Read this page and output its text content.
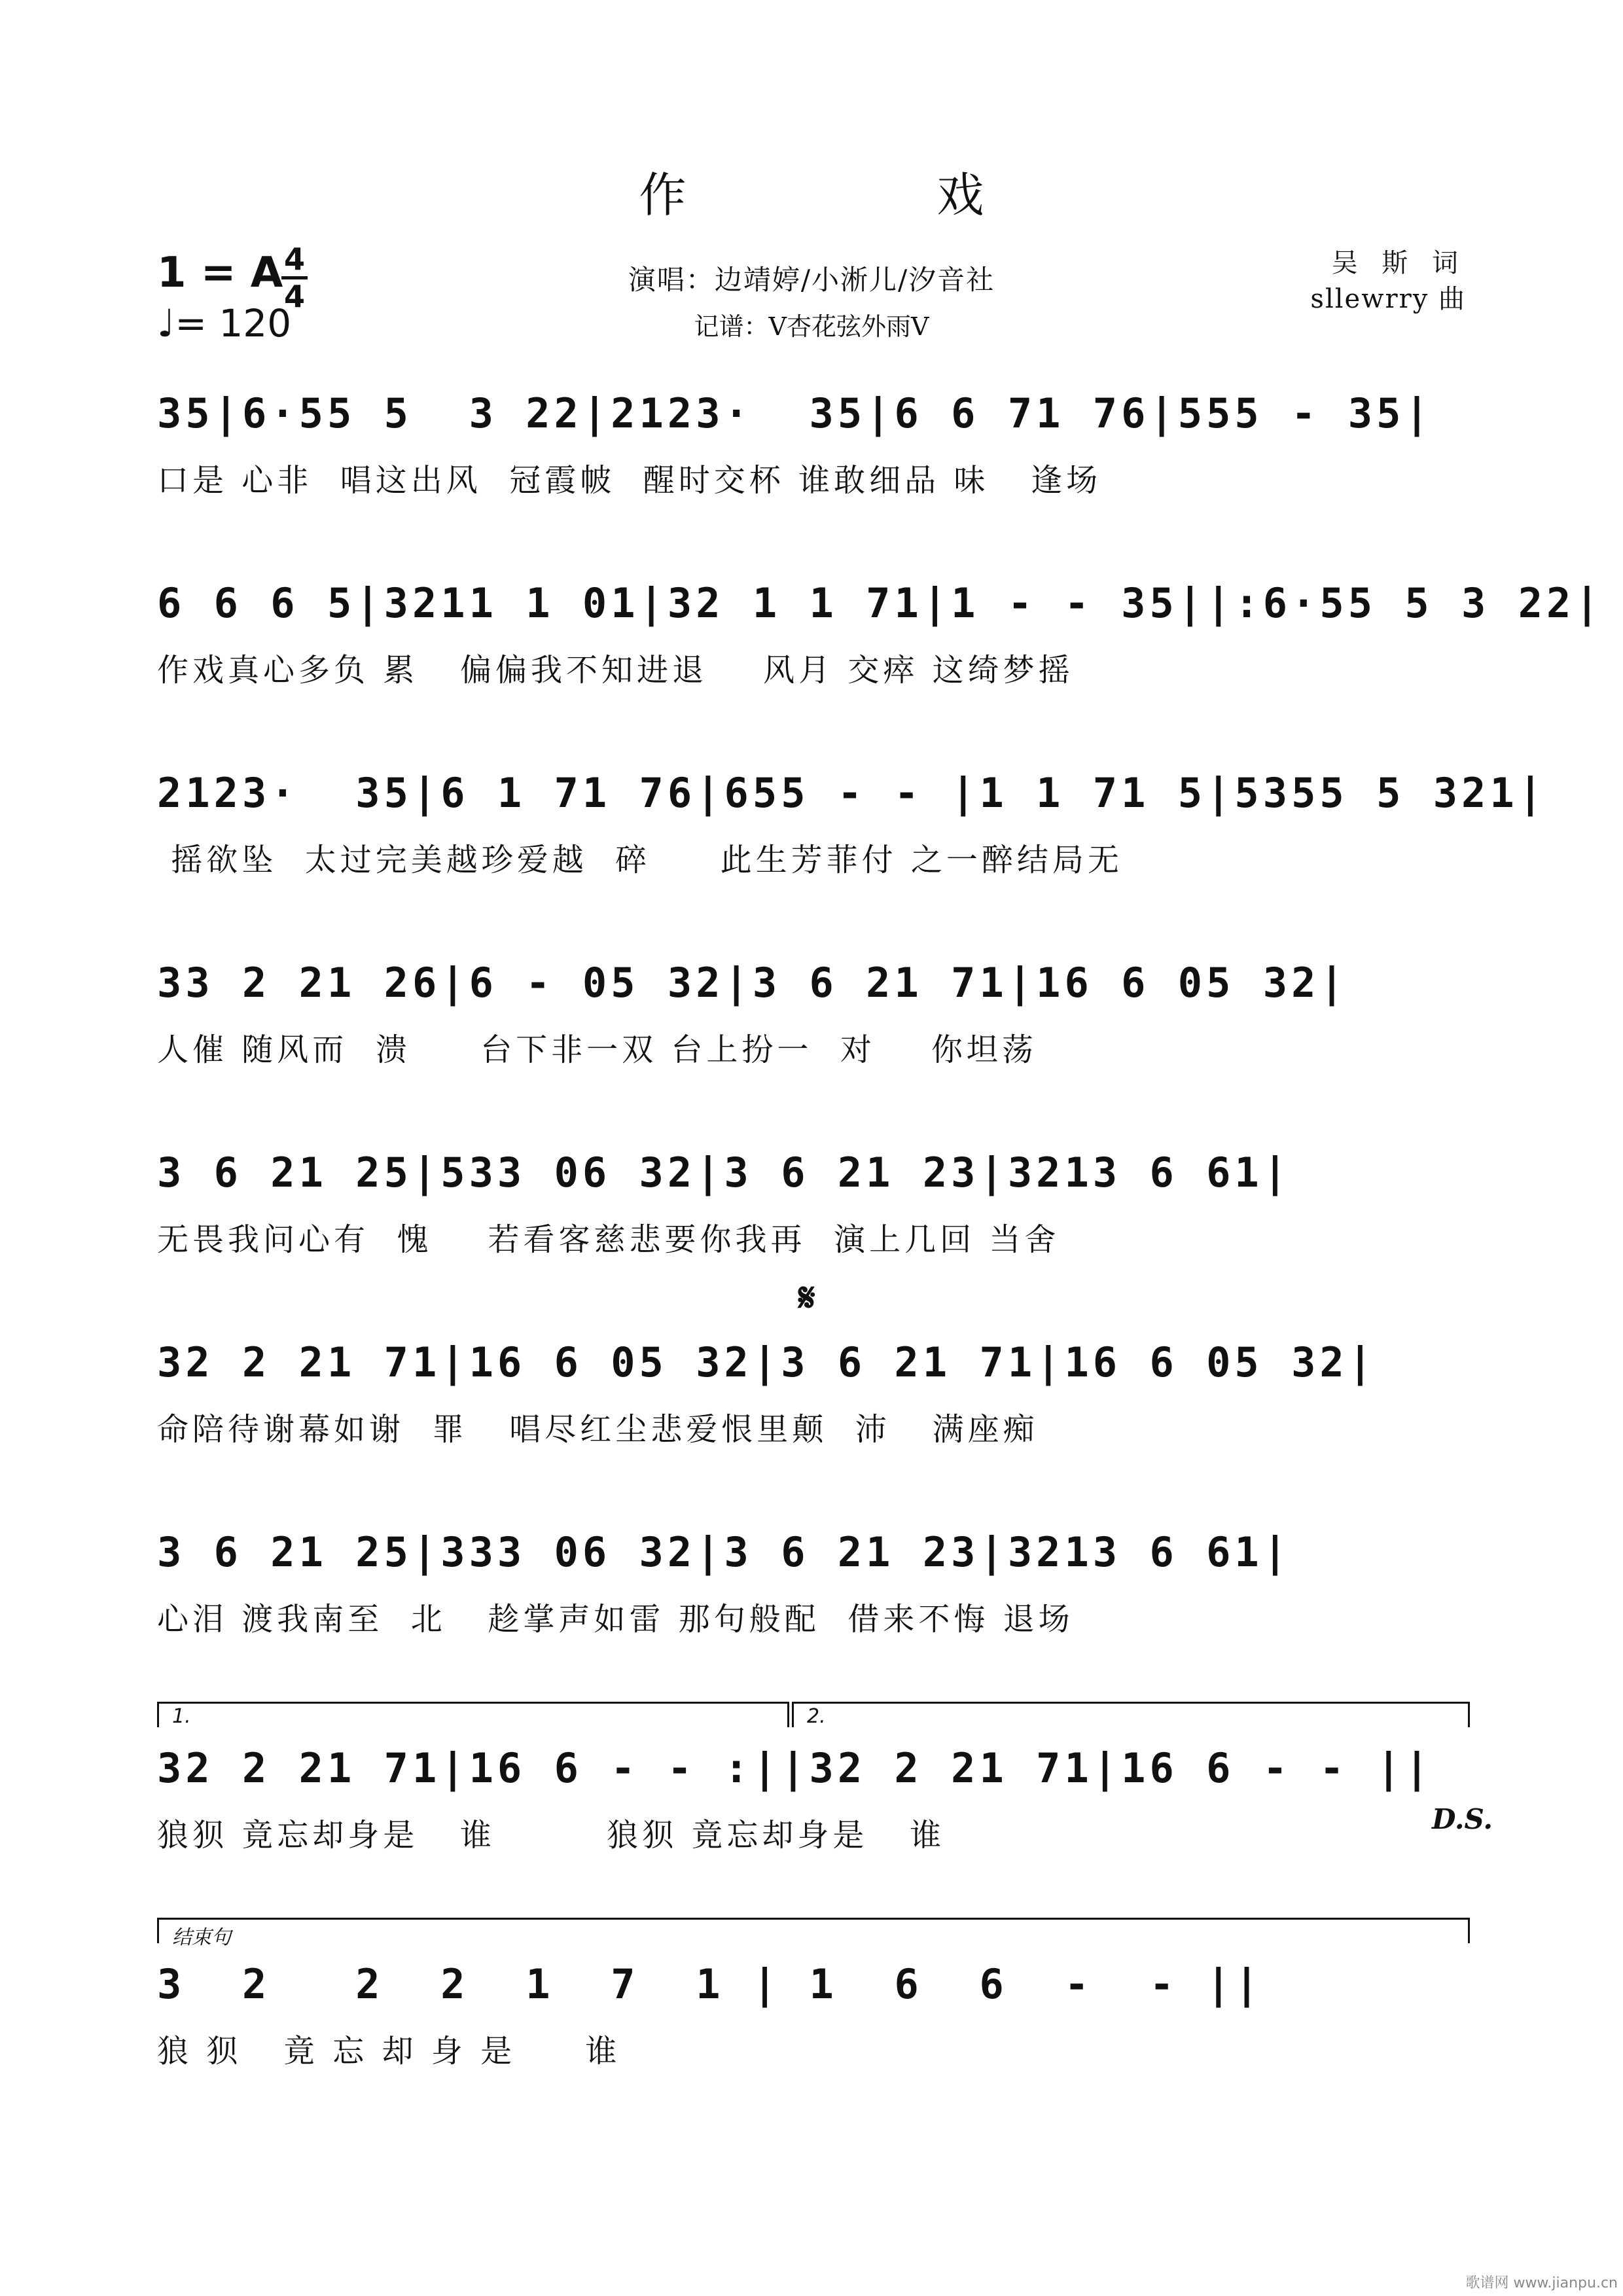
作 戏
1 = A 4
4
♩= 120
演唱：边靖婷/小淅儿/汐音社
记谱：V杏花弦外雨V
吴 斯 词
sllewrry 曲
35|6·55 5  3 22|2123·  35|6 6 71 76|555 - 35|
口是 心非  唱这出风  冠霞帔  醒时交杯 谁敢细品 味   逢场
6 6 6 5|3211 1 01|32 1 1 71|1 - - 35||:6·55 5 3 22|
作戏真心多负 累   偏偏我不知进退    风月 交瘁 这绮梦摇
2123·  35|6 1 71 76|655 - - |1 1 71 5|5355 5 321|
摇欲坠  太过完美越珍爱越  碎     此生芳菲付 之一醉结局无
33 2 21 26|6 - 05 32|3 6 21 71|16 6 05 32|
人催 随风而  溃     台下非一双 台上扮一  对    你坦荡
3 6 21 25|533 06 32|3 6 21 23|3213 6 61|
无畏我问心有  愧    若看客慈悲要你我再  演上几回 当舍
𝄋
32 2 21 71|16 6 05 32|3 6 21 71|16 6 05 32|
命陪待谢幕如谢  罪   唱尽红尘悲爱恨里颠  沛   满座痴
3 6 21 25|333 06 32|3 6 21 23|3213 6 61|
心泪 渡我南至  北   趁掌声如雷 那句般配  借来不悔 退场
1.	2.
32 2 21 71|16 6 - - :||32 2 21 71|16 6 - - ||
狼狈 竟忘却身是   谁        狼狈 竟忘却身是   谁	D.S.
结束句
3  2   2  2  1  7  1 | 1  6  6  -  - ||
狼 狈   竟 忘 却 身 是     谁
歌谱网 www.jianpu.cn
